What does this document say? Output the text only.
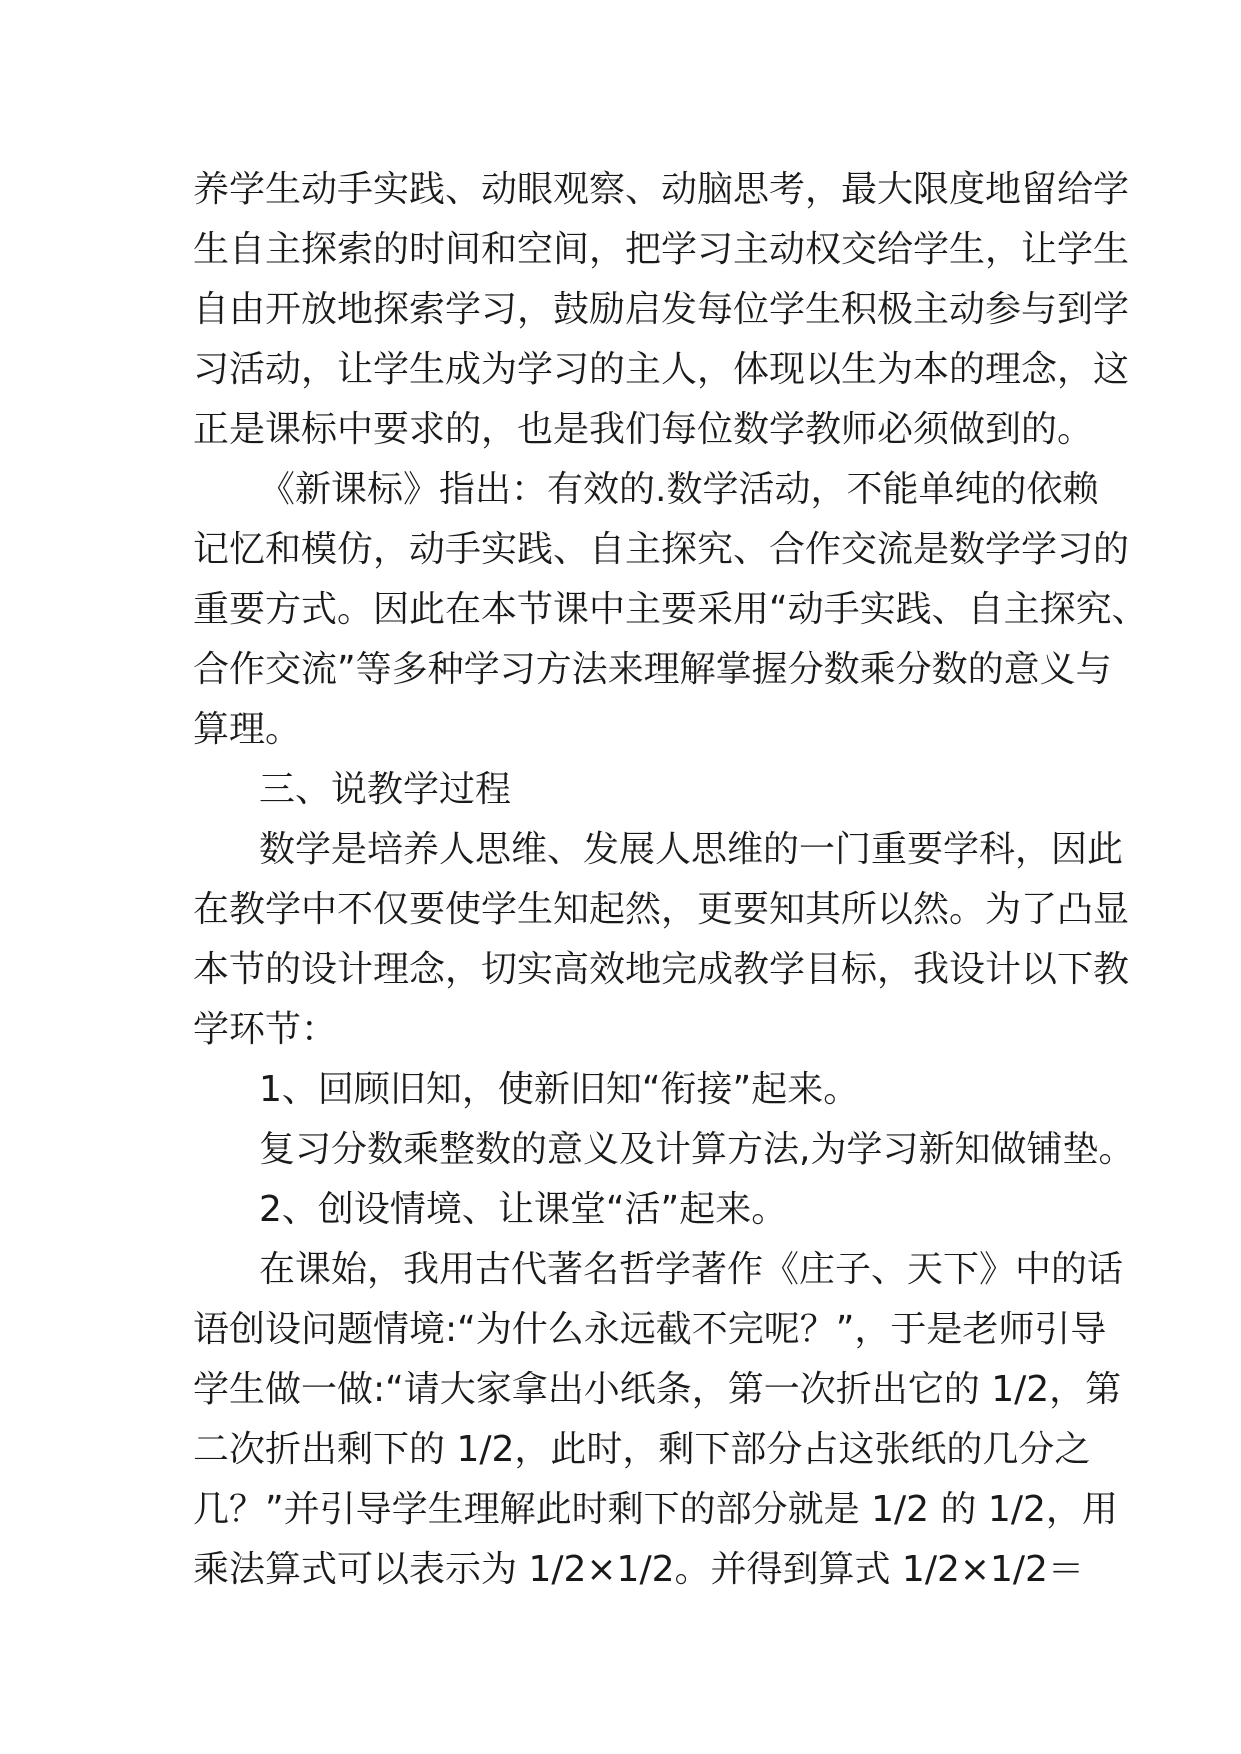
养学生动手实践、动眼观察、动脑思考，最大限度地留给学
生自主探索的时间和空间，把学习主动权交给学生，让学生
自由开放地探索学习，鼓励启发每位学生积极主动参与到学
习活动，让学生成为学习的主人，体现以生为本的理念，这
正是课标中要求的，也是我们每位数学教师必须做到的。
《新课标》指出：有效的.数学活动，不能单纯的依赖
记忆和模仿，动手实践、自主探究、合作交流是数学学习的
重要方式。因此在本节课中主要采用“动手实践、自主探究、
合作交流”等多种学习方法来理解掌握分数乘分数的意义与
算理。
三、说教学过程
数学是培养人思维、发展人思维的一门重要学科，因此
在教学中不仅要使学生知起然，更要知其所以然。为了凸显
本节的设计理念，切实高效地完成教学目标，我设计以下教
学环节：
1、回顾旧知，使新旧知“衔接”起来。
复习分数乘整数的意义及计算方法,为学习新知做铺垫。
2、创设情境、让课堂“活”起来。
在课始，我用古代著名哲学著作《庄子、天下》中的话
语创设问题情境:“为什么永远截不完呢？”，于是老师引导
学生做一做:“请大家拿出小纸条，第一次折出它的 1/2，第
二次折出剩下的 1/2，此时，剩下部分占这张纸的几分之
几？”并引导学生理解此时剩下的部分就是 1/2 的 1/2，用
乘法算式可以表示为 1/2×1/2。并得到算式 1/2×1/2＝
